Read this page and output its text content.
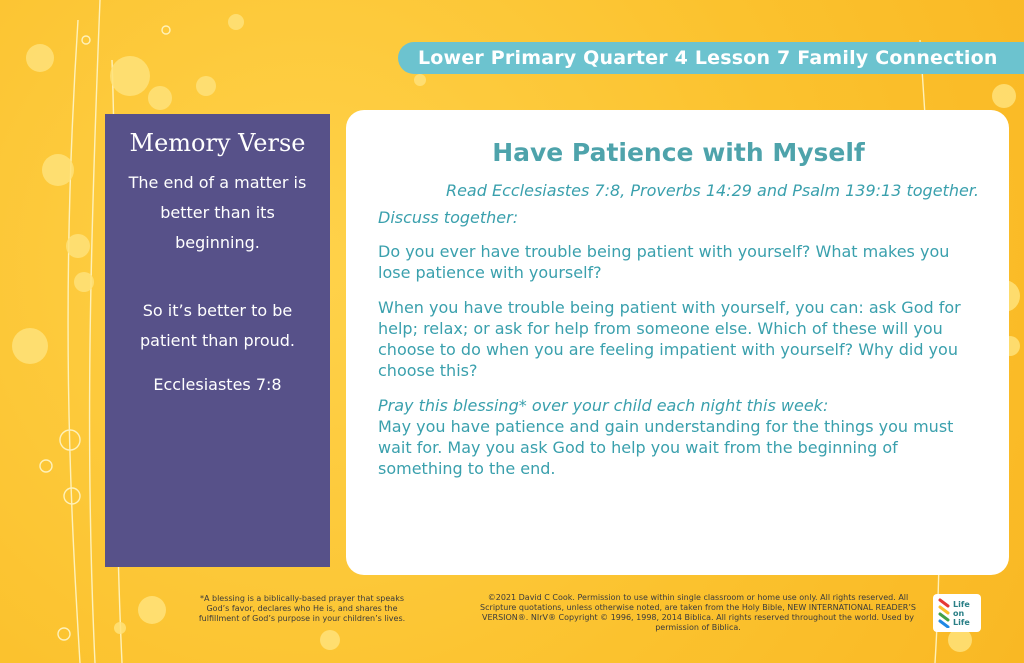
Lower Primary Quarter 4 Lesson 7 Family Connection
Memory Verse

The end of a matter is better than its beginning.

So it’s better to be patient than proud.

Ecclesiastes 7:8

Have Patience with Myself

Read Ecclesiastes 7:8, Proverbs 14:29 and Psalm 139:13 together.

Discuss together:

Do you ever have trouble being patient with yourself? What makes you lose patience with yourself?

When you have trouble being patient with yourself, you can: ask God for help; relax; or ask for help from someone else. Which of these will you choose to do when you are feeling impatient with yourself? Why did you choose this?

Pray this blessing* over your child each night this week:

May you have patience and gain understanding for the things you must wait for. May you ask God to help you wait from the beginning of something to the end.

*A blessing is a biblically-based prayer that speaks God’s favor, declares who He is, and shares the fulfillment of God’s purpose in your children’s lives.
©2021 David C Cook. Permission to use within single classroom or home use only. All rights reserved. All Scripture quotations, unless otherwise noted, are taken from the Holy Bible, NEW INTERNATIONAL READER’S VERSION®. NIrV® Copyright © 1996, 1998, 2014 Biblica. All rights reserved throughout the world. Used by permission of Biblica.
Life
on
Life
